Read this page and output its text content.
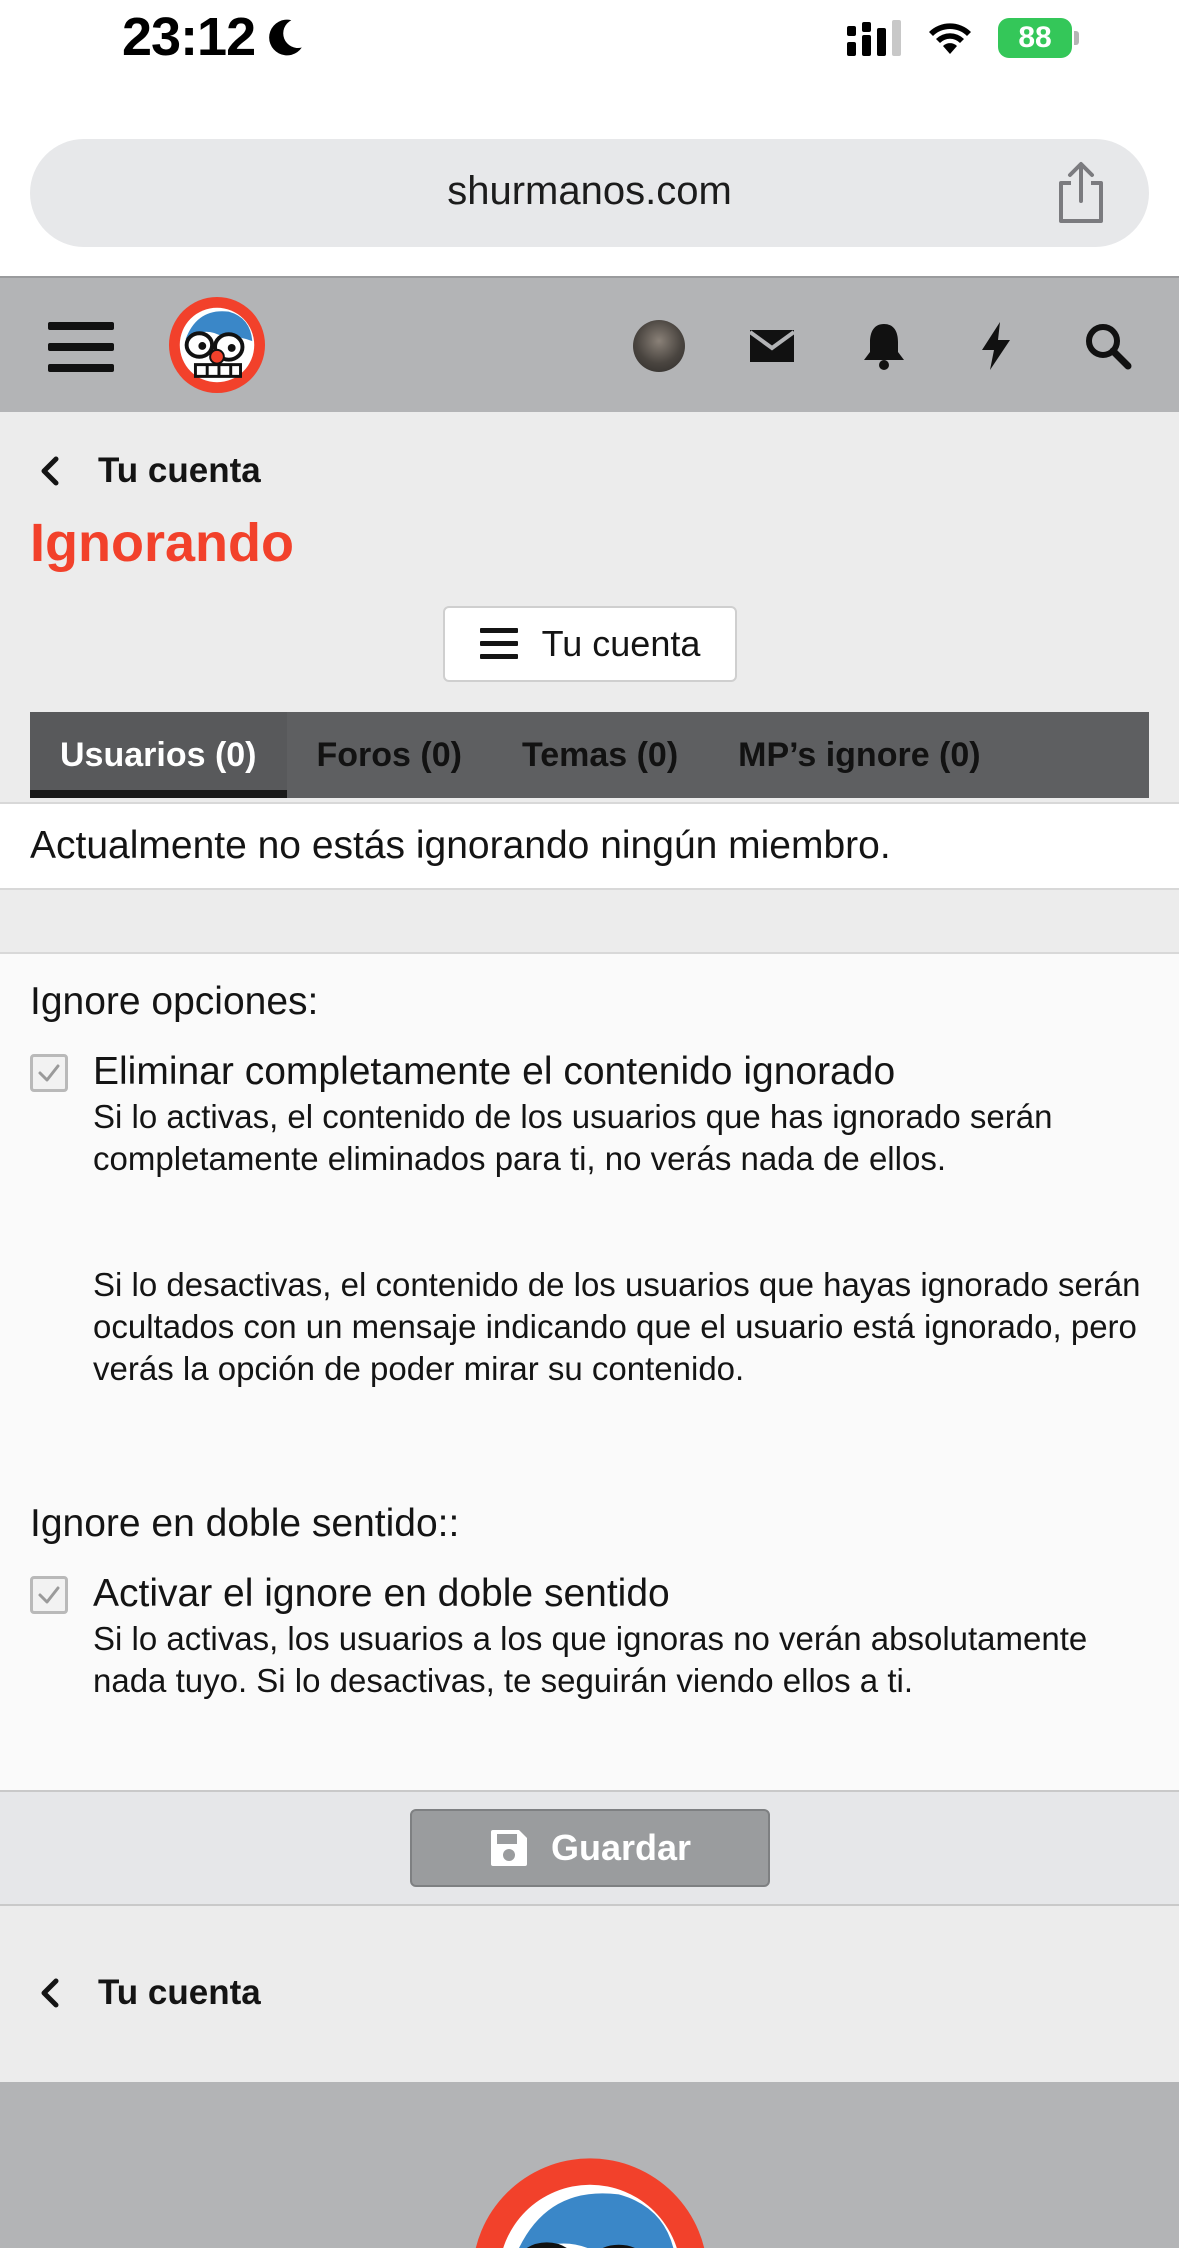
23:12	88
shurmanos.com
Tu cuenta
Ignorando
Tu cuenta
Usuarios (0)	Foros (0)	Temas (0)	MP’s ignore (0)
Actualmente no estás ignorando ningún miembro.
Ignore opciones:
Eliminar completamente el contenido ignorado
Si lo activas, el contenido de los usuarios que has ignorado serán completamente eliminados para ti, no verás nada de ellos.
Si lo desactivas, el contenido de los usuarios que hayas ignorado serán ocultados con un mensaje indicando que el usuario está ignorado, pero verás la opción de poder mirar su contenido.
Ignore en doble sentido::
Activar el ignore en doble sentido
Si lo activas, los usuarios a los que ignoras no verán absolutamente nada tuyo. Si lo desactivas, te seguirán viendo ellos a ti.
Guardar
Tu cuenta
